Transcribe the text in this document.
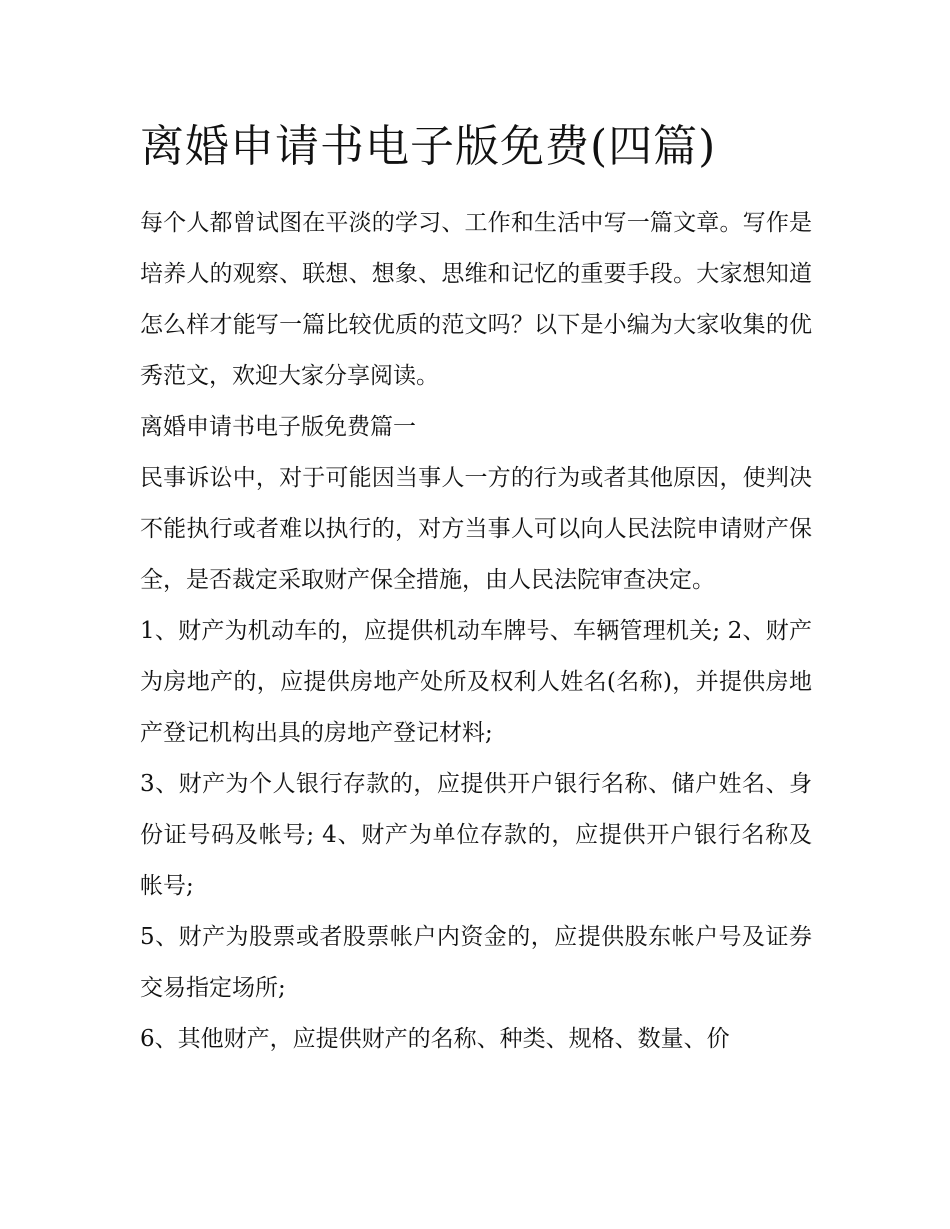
离婚申请书电子版免费(四篇)

每个人都曾试图在平淡的学习、工作和生活中写一篇文章。写作是培养人的观察、联想、想象、思维和记忆的重要手段。大家想知道怎么样才能写一篇比较优质的范文吗？以下是小编为大家收集的优秀范文，欢迎大家分享阅读。

离婚申请书电子版免费篇一

民事诉讼中，对于可能因当事人一方的行为或者其他原因，使判决不能执行或者难以执行的，对方当事人可以向人民法院申请财产保全，是否裁定采取财产保全措施，由人民法院审查决定。

1、财产为机动车的，应提供机动车牌号、车辆管理机关; 2、财产为房地产的，应提供房地产处所及权利人姓名(名称)，并提供房地产登记机构出具的房地产登记材料;

3、财产为个人银行存款的，应提供开户银行名称、储户姓名、身份证号码及帐号; 4、财产为单位存款的，应提供开户银行名称及帐号;

5、财产为股票或者股票帐户内资金的，应提供股东帐户号及证券交易指定场所;

6、其他财产，应提供财产的名称、种类、规格、数量、价
